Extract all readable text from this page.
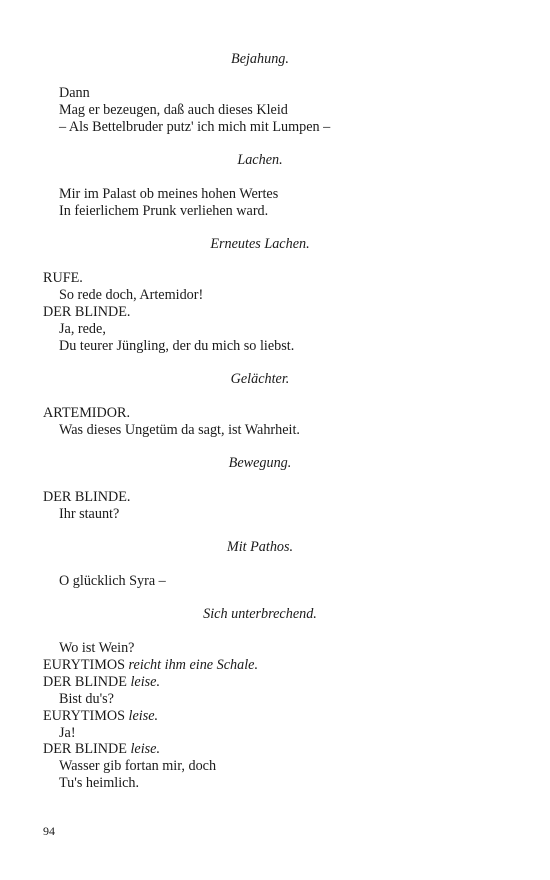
Bejahung.
Dann
Mag er bezeugen, daß auch dieses Kleid
– Als Bettelbruder putz' ich mich mit Lumpen –
Lachen.
Mir im Palast ob meines hohen Wertes
In feierlichem Prunk verliehen ward.
Erneutes Lachen.
RUFE.
So rede doch, Artemidor!
DER BLINDE.
Ja, rede,
Du teurer Jüngling, der du mich so liebst.
Gelächter.
ARTEMIDOR.
Was dieses Ungetüm da sagt, ist Wahrheit.
Bewegung.
DER BLINDE.
Ihr staunt?
Mit Pathos.
O glücklich Syra –
Sich unterbrechend.
Wo ist Wein?
EURYTIMOS reicht ihm eine Schale.
DER BLINDE leise.
Bist du's?
EURYTIMOS leise.
Ja!
DER BLINDE leise.
Wasser gib fortan mir, doch
Tu's heimlich.
94
